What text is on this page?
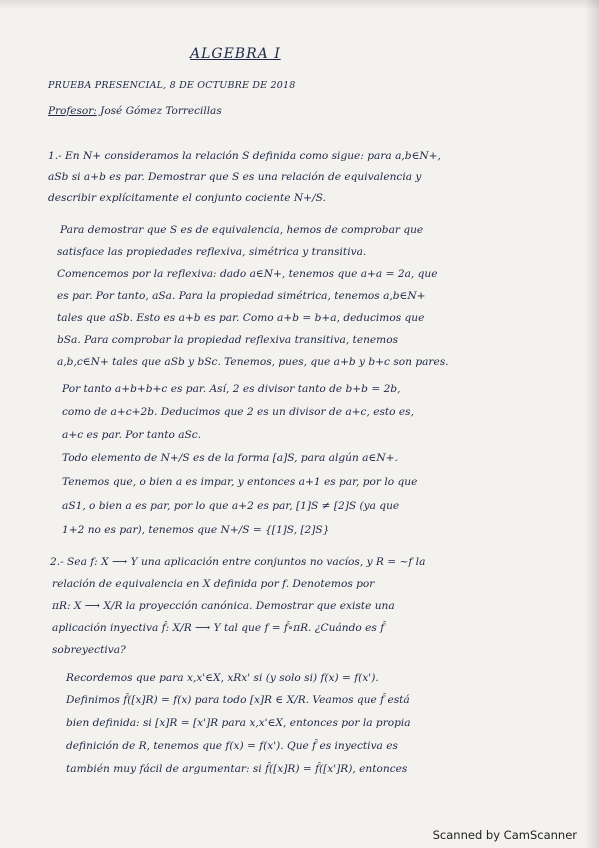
ALGEBRA I
PRUEBA PRESENCIAL, 8 DE OCTUBRE DE 2018
Profesor: José Gómez Torrecillas
1.- En N+ consideramos la relación S definida como sigue: para a,b∈N+,
aSb si a+b es par. Demostrar que S es una relación de equivalencia y
describir explícitamente el conjunto cociente N+/S.
Para demostrar que S es de equivalencia, hemos de comprobar que
satisface las propiedades reflexiva, simétrica y transitiva.
Comencemos por la reflexiva: dado a∈N+, tenemos que a+a = 2a, que
es par. Por tanto, aSa. Para la propiedad simétrica, tenemos a,b∈N+
tales que aSb. Esto es a+b es par. Como a+b = b+a, deducimos que
bSa. Para comprobar la propiedad reflexiva transitiva, tenemos
a,b,c∈N+ tales que aSb y bSc. Tenemos, pues, que a+b y b+c son pares.
Por tanto a+b+b+c es par. Así, 2 es divisor tanto de b+b = 2b,
como de a+c+2b. Deducimos que 2 es un divisor de a+c, esto es,
a+c es par. Por tanto aSc.
Todo elemento de N+/S es de la forma [a]S, para algún a∈N+.
Tenemos que, o bien a es impar, y entonces a+1 es par, por lo que
aS1, o bien a es par, por lo que a+2 es par, [1]S ≠ [2]S (ya que
1+2 no es par), tenemos que N+/S = {[1]S, [2]S}
2.- Sea f: X ⟶ Y una aplicación entre conjuntos no vacíos, y R = ~f la
relación de equivalencia en X definida por f. Denotemos por
πR: X ⟶ X/R la proyección canónica. Demostrar que existe una
aplicación inyectiva f̂: X/R ⟶ Y tal que f = f̂∘πR. ¿Cuándo es f̂
sobreyectiva?
Recordemos que para x,x'∈X, xRx' si (y solo si) f(x) = f(x').
Definimos f̂([x]R) = f(x) para todo [x]R ∈ X/R. Veamos que f̂ está
bien definida: si [x]R = [x']R para x,x'∈X, entonces por la propia
definición de R, tenemos que f(x) = f(x'). Que f̂ es inyectiva es
también muy fácil de argumentar: si f̂([x]R) = f̂([x']R), entonces
Scanned by CamScanner
